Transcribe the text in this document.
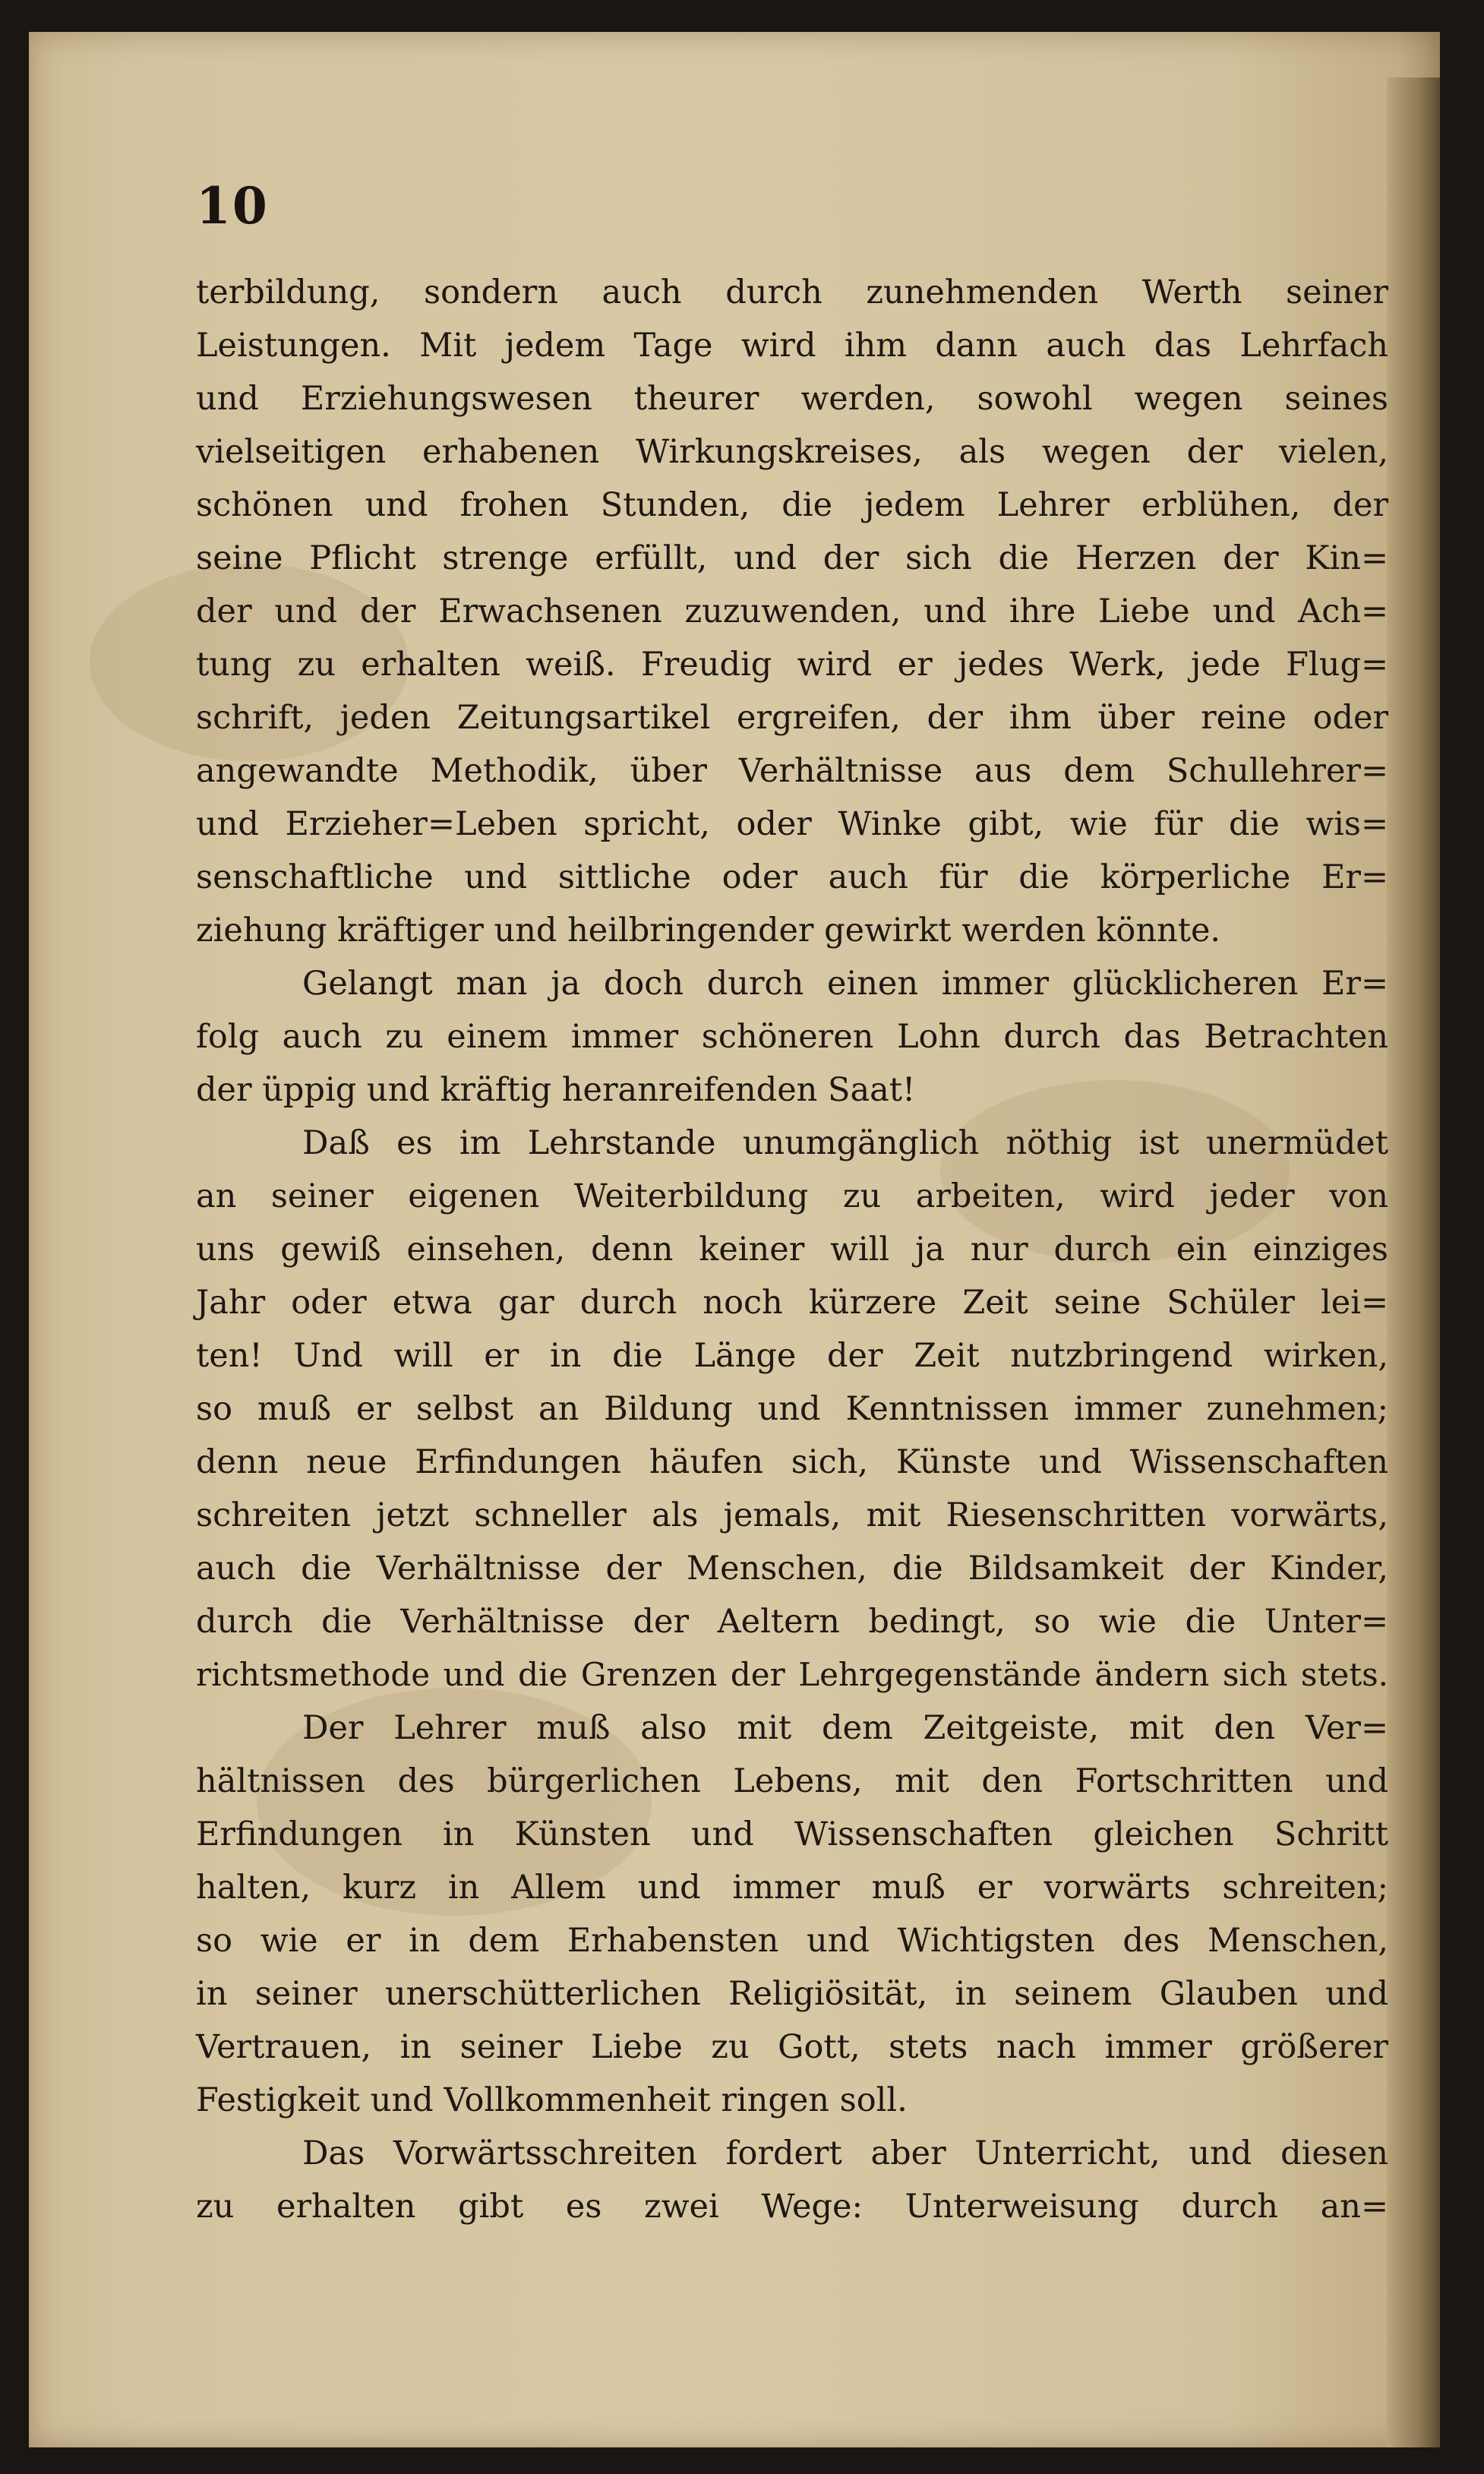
10
terbildung, sondern auch durch zunehmenden Werth seiner
Leistungen. Mit jedem Tage wird ihm dann auch das Lehrfach
und Erziehungswesen theurer werden, sowohl wegen seines
vielseitigen erhabenen Wirkungskreises, als wegen der vielen,
schönen und frohen Stunden, die jedem Lehrer erblühen, der
seine Pflicht strenge erfüllt, und der sich die Herzen der Kin=
der und der Erwachsenen zuzuwenden, und ihre Liebe und Ach=
tung zu erhalten weiß. Freudig wird er jedes Werk, jede Flug=
schrift, jeden Zeitungsartikel ergreifen, der ihm über reine oder
angewandte Methodik, über Verhältnisse aus dem Schullehrer=
und Erzieher=Leben spricht, oder Winke gibt, wie für die wis=
senschaftliche und sittliche oder auch für die körperliche Er=
ziehung kräftiger und heilbringender gewirkt werden könnte.
Gelangt man ja doch durch einen immer glücklicheren Er=
folg auch zu einem immer schöneren Lohn durch das Betrachten
der üppig und kräftig heranreifenden Saat!
Daß es im Lehrstande unumgänglich nöthig ist unermüdet
an seiner eigenen Weiterbildung zu arbeiten, wird jeder von
uns gewiß einsehen, denn keiner will ja nur durch ein einziges
Jahr oder etwa gar durch noch kürzere Zeit seine Schüler lei=
ten! Und will er in die Länge der Zeit nutzbringend wirken,
so muß er selbst an Bildung und Kenntnissen immer zunehmen;
denn neue Erfindungen häufen sich, Künste und Wissenschaften
schreiten jetzt schneller als jemals, mit Riesenschritten vorwärts,
auch die Verhältnisse der Menschen, die Bildsamkeit der Kinder,
durch die Verhältnisse der Aeltern bedingt, so wie die Unter=
richtsmethode und die Grenzen der Lehrgegenstände ändern sich stets.
Der Lehrer muß also mit dem Zeitgeiste, mit den Ver=
hältnissen des bürgerlichen Lebens, mit den Fortschritten und
Erfindungen in Künsten und Wissenschaften gleichen Schritt
halten, kurz in Allem und immer muß er vorwärts schreiten;
so wie er in dem Erhabensten und Wichtigsten des Menschen,
in seiner unerschütterlichen Religiösität, in seinem Glauben und
Vertrauen, in seiner Liebe zu Gott, stets nach immer größerer
Festigkeit und Vollkommenheit ringen soll.
Das Vorwärtsschreiten fordert aber Unterricht, und diesen
zu erhalten gibt es zwei Wege: Unterweisung durch an=
